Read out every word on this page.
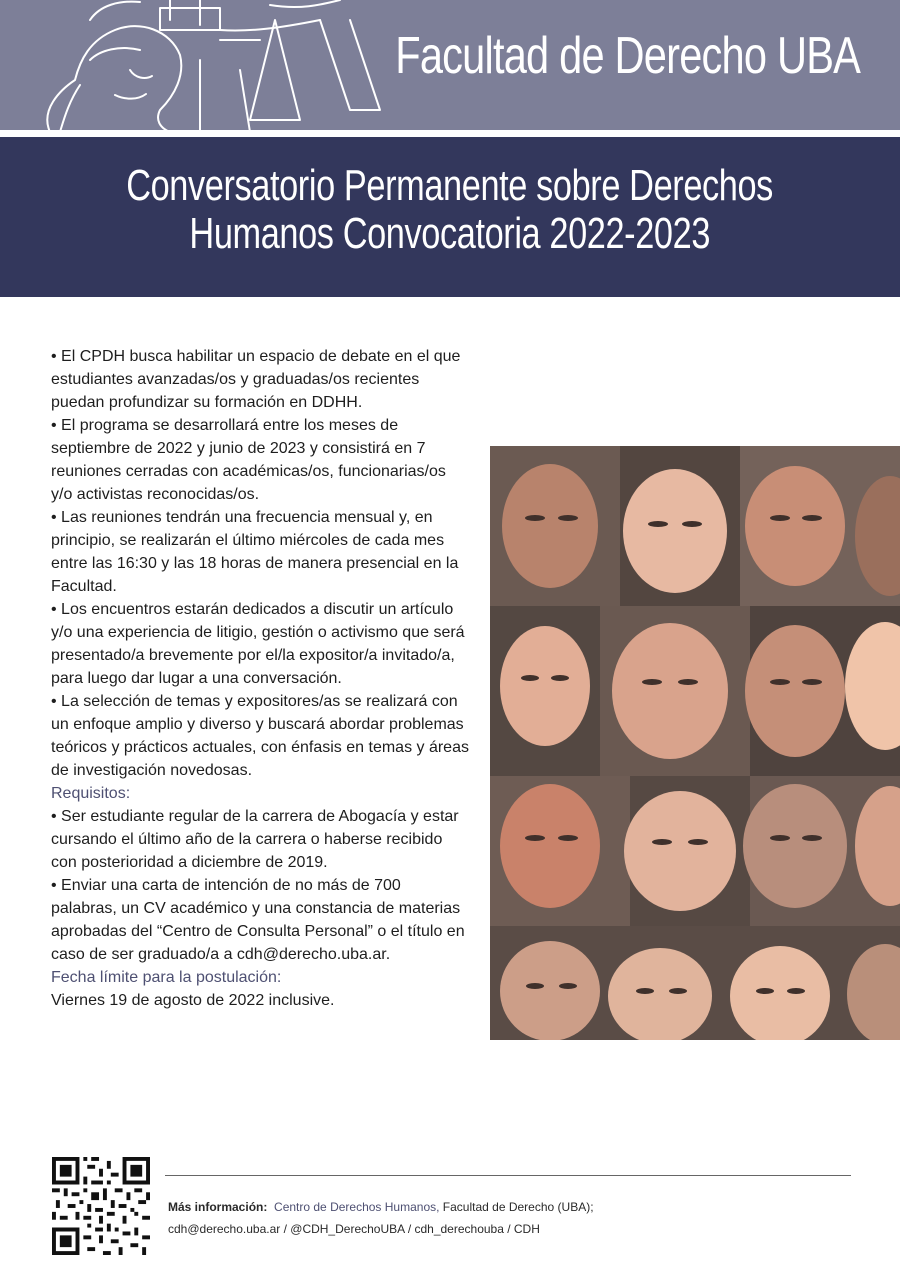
Facultad de Derecho UBA
Conversatorio Permanente sobre Derechos
Humanos Convocatoria 2022-2023

• El CPDH busca habilitar un espacio de debate en el que estudiantes avanzadas/os y graduadas/os recientes puedan profundizar su formación en DDHH.

• El programa se desarrollará entre los meses de septiembre de 2022 y junio de 2023 y consistirá en 7 reuniones cerradas con académicas/os, funcionarias/os y/o activistas reconocidas/os.

• Las reuniones tendrán una frecuencia mensual y, en principio, se realizarán el último miércoles de cada mes entre las 16:30 y las 18 horas de manera presencial en la Facultad.

• Los encuentros estarán dedicados a discutir un artículo y/o una experiencia de litigio, gestión o activismo que será presentado/a brevemente por el/la expositor/a invitado/a, para luego dar lugar a una conversación.

• La selección de temas y expositores/as se realizará con un enfoque amplio y diverso y buscará abordar problemas teóricos y prácticos actuales, con énfasis en temas y áreas de investigación novedosas.

Requisitos:

• Ser estudiante regular de la carrera de Abogacía y estar cursando el último año de la carrera o haberse recibido con posterioridad a diciembre de 2019.

• Enviar una carta de intención de no más de 700 palabras, un CV académico y una constancia de materias aprobadas del “Centro de Consulta Personal” o el título en caso de ser graduado/a a cdh@derecho.uba.ar.

Fecha límite para la postulación:

Viernes 19 de agosto de 2022 inclusive.

Más información: Centro de Derechos Humanos, Facultad de Derecho (UBA);
cdh@derecho.uba.ar / @CDH_DerechoUBA / cdh_derechouba / CDH
